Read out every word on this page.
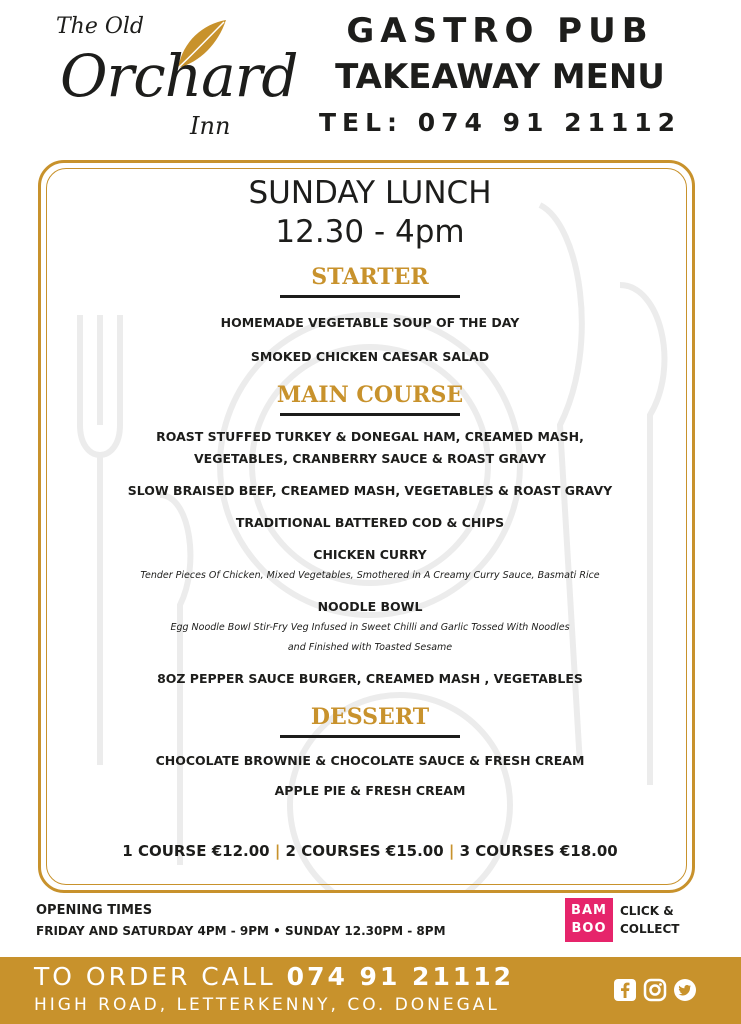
The Old
Orchard
Inn
GASTRO PUB
TAKEAWAY MENU
TEL: 074 91 21112
SUNDAY LUNCH
12.30 - 4pm
STARTER
HOMEMADE VEGETABLE SOUP OF THE DAY
SMOKED CHICKEN CAESAR SALAD
MAIN COURSE
ROAST STUFFED TURKEY & DONEGAL HAM, CREAMED MASH,
VEGETABLES, CRANBERRY SAUCE & ROAST GRAVY
SLOW BRAISED BEEF, CREAMED MASH, VEGETABLES & ROAST GRAVY
TRADITIONAL BATTERED COD & CHIPS
CHICKEN CURRY
Tender Pieces Of Chicken, Mixed Vegetables, Smothered in A Creamy Curry Sauce, Basmati Rice
NOODLE BOWL
Egg Noodle Bowl Stir-Fry Veg Infused in Sweet Chilli and Garlic Tossed With Noodles
and Finished with Toasted Sesame
8OZ PEPPER SAUCE BURGER, CREAMED MASH , VEGETABLES
DESSERT
CHOCOLATE BROWNIE & CHOCOLATE SAUCE & FRESH CREAM
APPLE PIE & FRESH CREAM
1 COURSE €12.00 | 2 COURSES €15.00 | 3 COURSES €18.00
OPENING TIMES
FRIDAY AND SATURDAY 4PM - 9PM • SUNDAY 12.30PM - 8PM
BAM
BOO
CLICK &
COLLECT
TO ORDER CALL 074 91 21112
HIGH ROAD, LETTERKENNY, CO. DONEGAL
